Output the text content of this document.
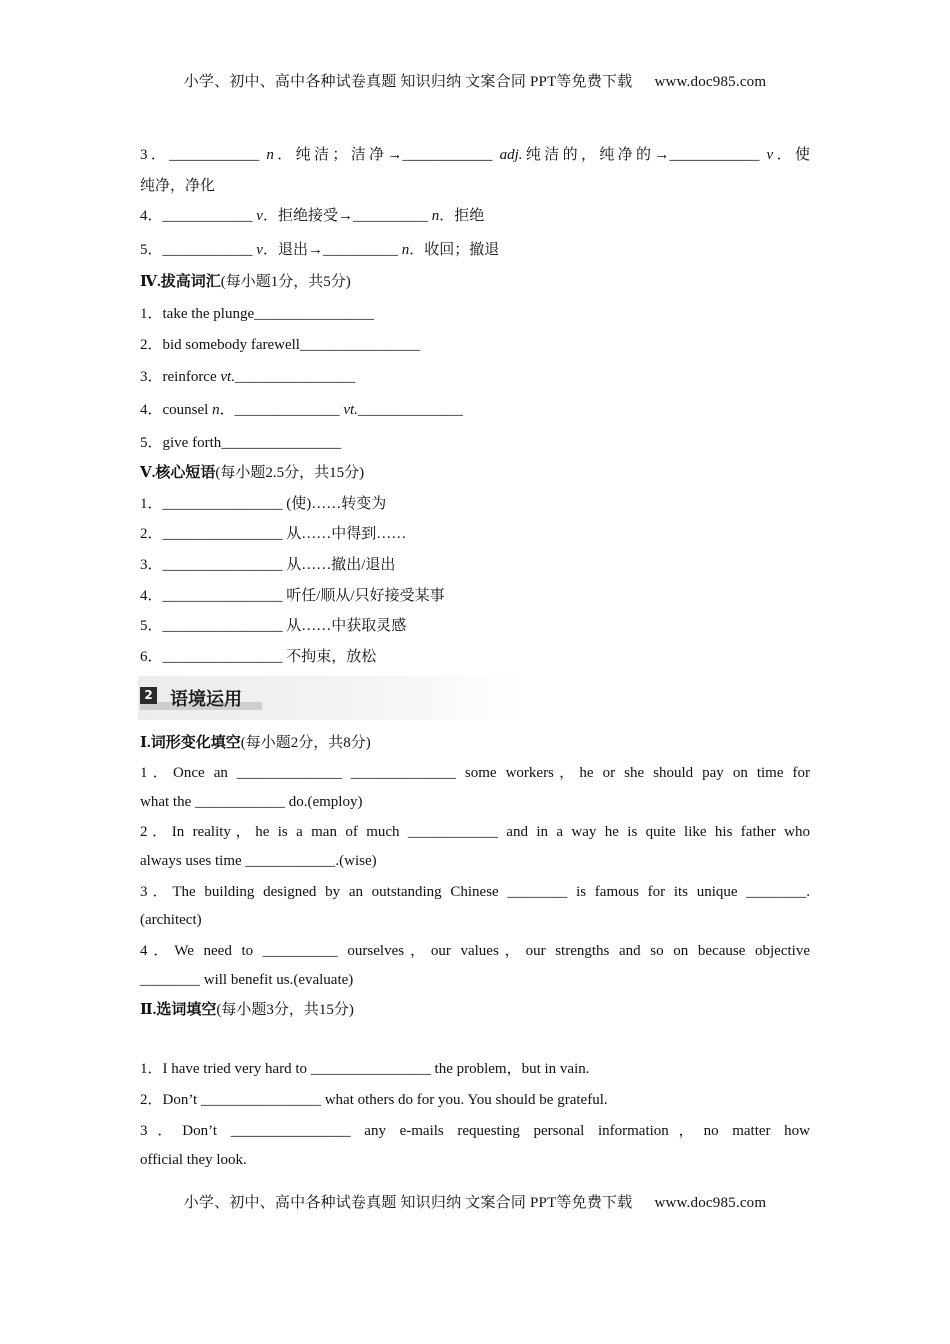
小学、初中、高中各种试卷真题 知识归纳 文案合同 PPT等免费下载 www.doc985.com
3．____________ n．纯洁；洁净→____________ adj.纯洁的，纯净的→____________ v．使
纯净，净化
4．____________ v．拒绝接受→__________ n．拒绝
5．____________ v．退出→__________ n．收回；撤退
Ⅳ.拔高词汇(每小题1分，共5分)
1．take the plunge________________
2．bid somebody farewell________________
3．reinforce vt.________________
4．counsel n．______________ vt.______________
5．give forth________________
Ⅴ.核心短语(每小题2.5分，共15分)
1．________________ (使)……转变为
2．________________ 从……中得到……
3．________________ 从……撤出/退出
4．________________ 听任/顺从/只好接受某事
5．________________ 从……中获取灵感
6．________________ 不拘束，放松
2 语境运用
Ⅰ.词形变化填空(每小题2分，共8分)
1．Once an ______________ ______________ some workers，he or she should pay on time for
what the ____________ do.(employ)
2．In reality，he is a man of much ____________ and in a way he is quite like his father who
always uses time ____________.(wise)
3．The building designed by an outstanding Chinese ________ is famous for its unique ________.
(architect)
4．We need to __________ ourselves，our values，our strengths and so on because objective
________ will benefit us.(evaluate)
Ⅱ.选词填空(每小题3分，共15分)
1．I have tried very hard to ________________ the problem，but in vain.
2．Don’t ________________ what others do for you. You should be grateful.
3．Don’t ________________ any e-mails requesting personal information，no matter how
official they look.
小学、初中、高中各种试卷真题 知识归纳 文案合同 PPT等免费下载 www.doc985.com
